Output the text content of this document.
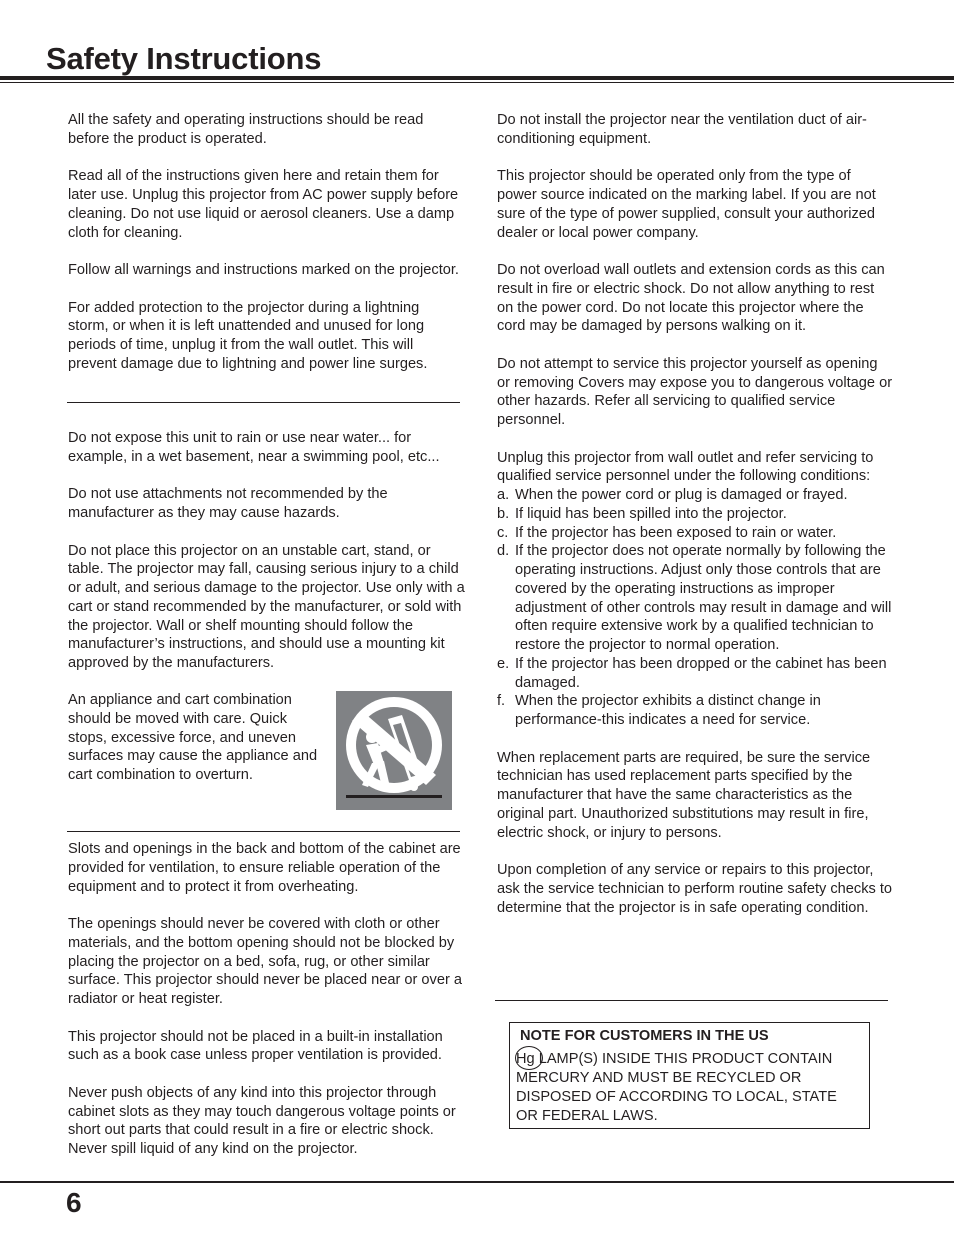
Safety Instructions

All the safety and operating instructions should be read before the product is operated.

Read all of the instructions given here and retain them for later use. Unplug this projector from AC power supply before cleaning. Do not use liquid or aerosol cleaners. Use a damp cloth for cleaning.

Follow all warnings and instructions marked on the projector.

For added protection to the projector during a lightning storm, or when it is left unattended and unused for long periods of time, unplug it from the wall outlet. This will prevent damage due to lightning and power line surges.

Do not expose this unit to rain or use near water... for example, in a wet basement, near a swimming pool, etc...

Do not use attachments not recommended by the manufacturer as they may cause hazards.

Do not place this projector on an unstable cart, stand, or table. The projector may fall, causing serious injury to a child or adult, and serious damage to the projector. Use only with a cart or stand recommended by the manufacturer, or sold with the projector. Wall or shelf mounting should follow the manufacturer’s instructions, and should use a mounting kit approved by the manufacturers.

An appliance and cart combination should be moved with care. Quick stops, excessive force, and uneven surfaces may cause the appliance and cart combination to overturn.

Slots and openings in the back and bottom of the cabinet are provided for ventilation, to ensure reliable operation of the equipment and to protect it from overheating.

The openings should never be covered with cloth or other materials, and the bottom opening should not be blocked by placing the projector on a bed, sofa, rug, or other similar surface. This projector should never be placed near or over a radiator or heat register.

This projector should not be placed in a built-in installation such as a book case unless proper ventilation is provided.

Never push objects of any kind into this projector through cabinet slots as they may touch dangerous voltage points or short out parts that could result in a fire or electric shock. Never spill liquid of any kind on the projector.

Do not install the projector near the ventilation duct of air-conditioning equipment.

This projector should be operated only from the type of power source indicated on the marking label. If you are not sure of the type of power supplied, consult your authorized dealer or local power company.

Do not overload wall outlets and extension cords as this can result in fire or electric shock. Do not allow anything to rest on the power cord. Do not locate this projector where the cord may be damaged by persons walking on it.

Do not attempt to service this projector yourself as opening or removing Covers may expose you to dangerous voltage or other hazards. Refer all servicing to qualified service personnel.

Unplug this projector from wall outlet and refer servicing to qualified service personnel under the following conditions:

a. When the power cord or plug is damaged or frayed.
b. If liquid has been spilled into the projector.
c. If the projector has been exposed to rain or water.
d. If the projector does not operate normally by following the operating instructions. Adjust only those controls that are covered by the operating instructions as improper adjustment of other controls may result in damage and will often require extensive work by a qualified technician to restore the projector to normal operation.
e. If the projector has been dropped or the cabinet has been damaged.
f. When the projector exhibits a distinct change in performance-this indicates a need for service.

When replacement parts are required, be sure the service technician has used replacement parts specified by the manufacturer that have the same characteristics as the original part. Unauthorized substitutions may result in fire, electric shock, or injury to persons.

Upon completion of any service or repairs to this projector, ask the service technician to perform routine safety checks to determine that the projector is in safe operating condition.

NOTE FOR CUSTOMERS IN THE US

Hg LAMP(S) INSIDE THIS PRODUCT CONTAIN MERCURY AND MUST BE RECYCLED OR DISPOSED OF ACCORDING TO LOCAL, STATE OR FEDERAL LAWS.

6
